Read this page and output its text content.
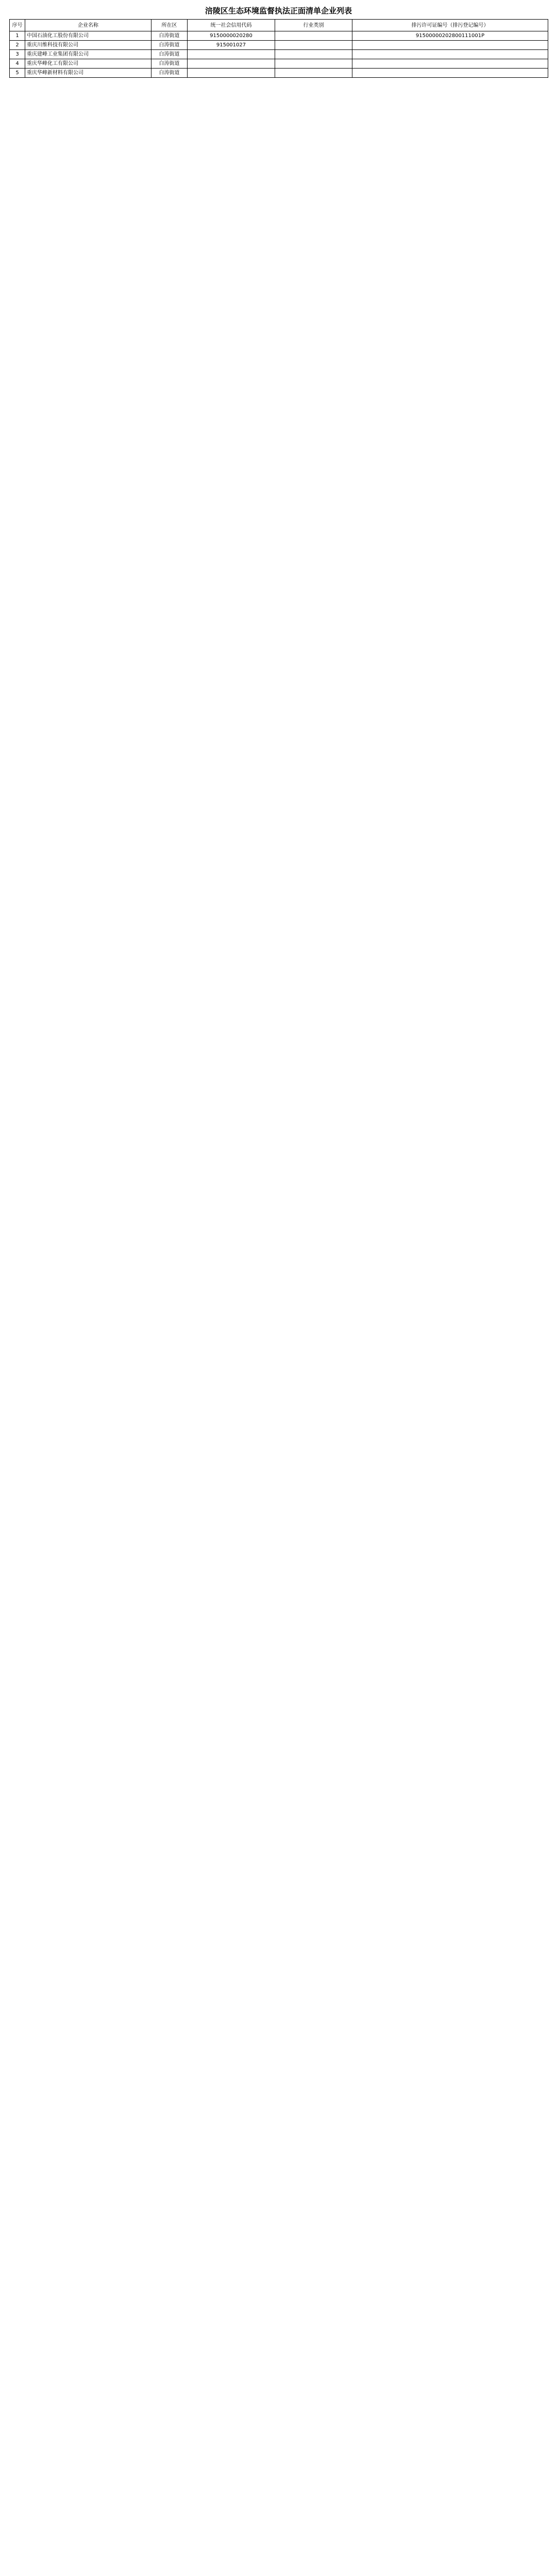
涪陵区生态环境监督执法正面清单企业列表
序号	企业名称	所在区	统一社会信用代码	行业类别	排污许可证编号（排污登记编号）
1	中国石油化工股份有限公司	白涛街道	9150000020280		91500000202800111001P
2	重庆川维科技有限公司	白涛街道	915001027		
3	重庆建峰工业集团有限公司	白涛街道			
4	重庆华峰化工有限公司	白涛街道			
5	重庆华峰新材料有限公司	白涛街道			
